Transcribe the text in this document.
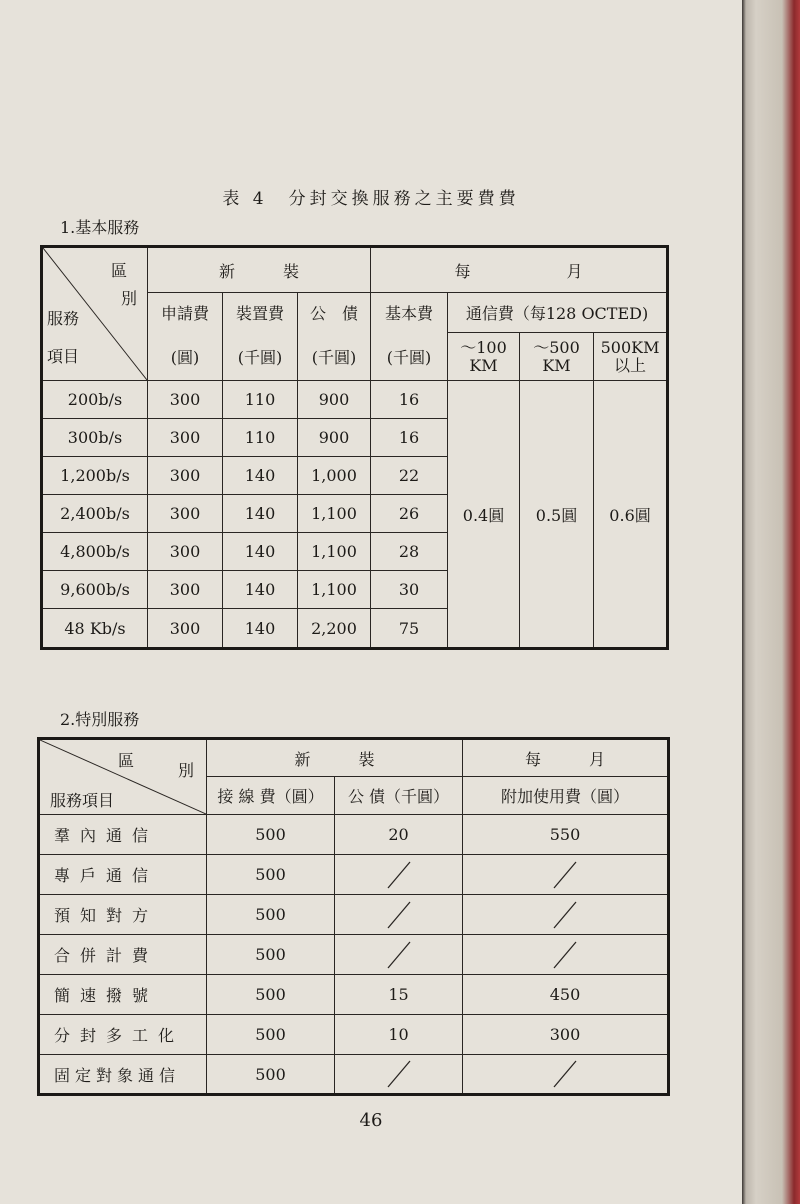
表 4　分封交換服務之主要費費
1.基本服務
區
別
服務
項目	新　　　裝			每　　　　　　月			
	申請費	裝置費	公　債	基本費	通信費（每128 OCTED)		
	(圓)	(千圓)	(千圓)	(千圓)	～100 KM	～500 KM	500KM 以上
200b/s	300	110	900	16	0.4圓	0.5圓	0.6圓
300b/s	300	110	900	16			
1,200b/s	300	140	1,000	22			
2,400b/s	300	140	1,100	26			
4,800b/s	300	140	1,100	28			
9,600b/s	300	140	1,100	30			
48 Kb/s	300	140	2,200	75			
2.特別服務
區
別
服務項目	新　　　裝		每　　　月
	接 線 費（圓）	公 債（千圓）	附加使用費（圓）
羣內通信	500	20	550
專戶通信	500	

預知對方	500	

合併計費	500	

簡速撥號	500	15	450
分封多工化	500	10	300
固定對象通信	500	

46
